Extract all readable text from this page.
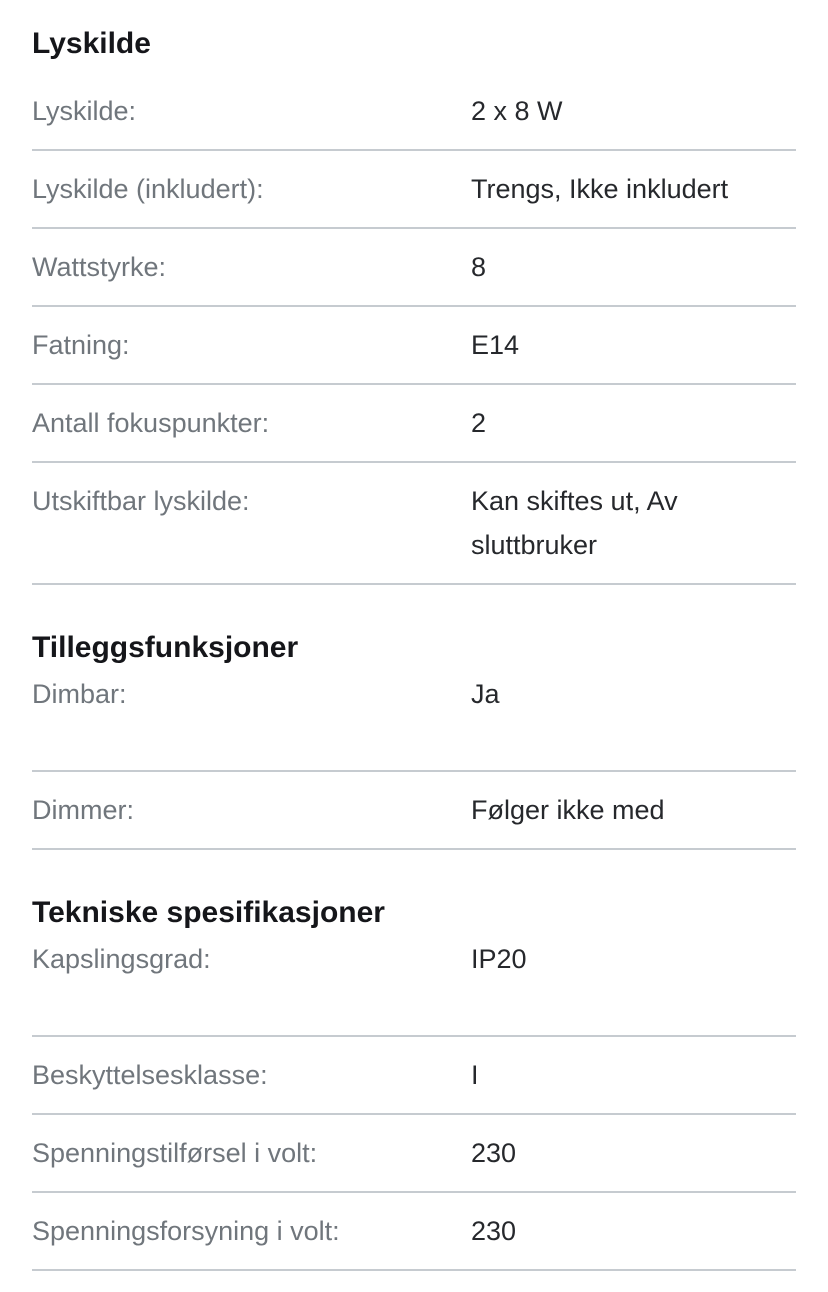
Lyskilde
Lyskilde:	2 x 8 W
Lyskilde (inkludert):	Trengs, Ikke inkludert
Wattstyrke:	8
Fatning:	E14
Antall fokuspunkter:	2
Utskiftbar lyskilde:	Kan skiftes ut, Av sluttbruker
Tilleggsfunksjoner
Dimbar:	Ja
Dimmer:	Følger ikke med
Tekniske spesifikasjoner
Kapslingsgrad:	IP20
Beskyttelsesklasse:	I
Spenningstilførsel i volt:	230
Spenningsforsyning i volt:	230
